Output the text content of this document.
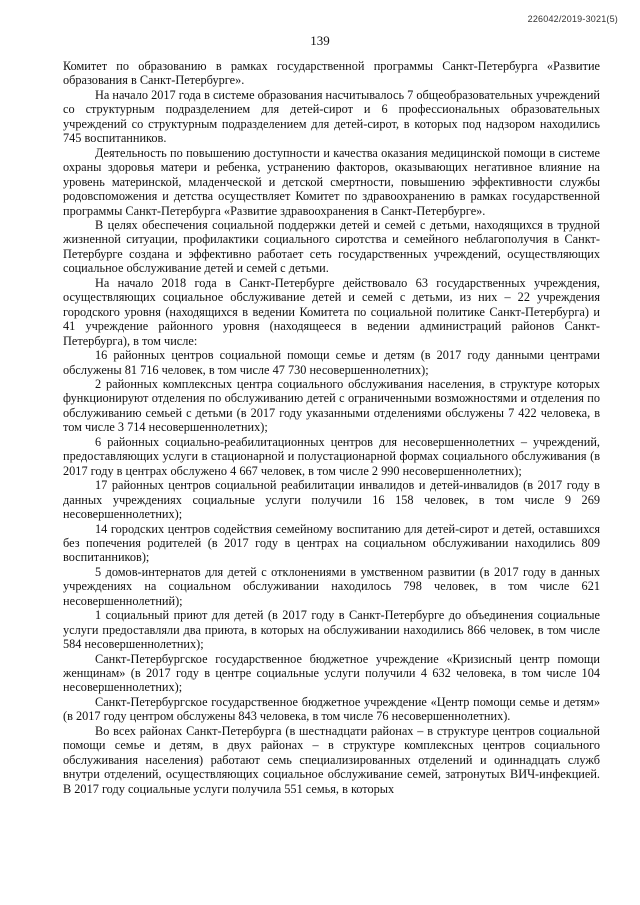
226042/2019-3021(5)
139

Комитет по образованию в рамках государственной программы Санкт-Петербурга «Развитие образования в Санкт-Петербурге».

На начало 2017 года в системе образования насчитывалось 7 общеобразовательных учреждений со структурным подразделением для детей-сирот и 6 профессиональных образовательных учреждений со структурным подразделением для детей-сирот, в которых под надзором находились 745 воспитанников.

Деятельность по повышению доступности и качества оказания медицинской помощи в системе охраны здоровья матери и ребенка, устранению факторов, оказывающих негативное влияние на уровень материнской, младенческой и детской смертности, повышению эффективности службы родовспоможения и детства осуществляет Комитет по здравоохранению в рамках государственной программы Санкт-Петербурга «Развитие здравоохранения в Санкт-Петербурге».

В целях обеспечения социальной поддержки детей и семей с детьми, находящихся в трудной жизненной ситуации, профилактики социального сиротства и семейного неблагополучия в Санкт-Петербурге создана и эффективно работает сеть государственных учреждений, осуществляющих социальное обслуживание детей и семей с детьми.

На начало 2018 года в Санкт-Петербурге действовало 63 государственных учреждения, осуществляющих социальное обслуживание детей и семей с детьми, из них – 22 учреждения городского уровня (находящихся в ведении Комитета по социальной политике Санкт-Петербурга) и 41 учреждение районного уровня (находящееся в ведении администраций районов Санкт-Петербурга), в том числе:

16 районных центров социальной помощи семье и детям (в 2017 году данными центрами обслужены 81 716 человек, в том числе 47 730 несовершеннолетних);

2 районных комплексных центра социального обслуживания населения, в структуре которых функционируют отделения по обслуживанию детей с ограниченными возможностями и отделения по обслуживанию семьей с детьми (в 2017 году указанными отделениями обслужены 7 422 человека, в том числе 3 714 несовершеннолетних);

6 районных социально-реабилитационных центров для несовершеннолетних – учреждений, предоставляющих услуги в стационарной и полустационарной формах социального обслуживания (в 2017 году в центрах обслужено 4 667 человек, в том числе 2 990 несовершеннолетних);

17 районных центров социальной реабилитации инвалидов и детей-инвалидов (в 2017 году в данных учреждениях социальные услуги получили 16 158 человек, в том числе 9 269 несовершеннолетних);

14 городских центров содействия семейному воспитанию для детей-сирот и детей, оставшихся без попечения родителей (в 2017 году в центрах на социальном обслуживании находились 809 воспитанников);

5 домов-интернатов для детей с отклонениями в умственном развитии (в 2017 году в данных учреждениях на социальном обслуживании находилось 798 человек, в том числе 621 несовершеннолетний);

1 социальный приют для детей (в 2017 году в Санкт-Петербурге до объединения социальные услуги предоставляли два приюта, в которых на обслуживании находились 866 человек, в том числе 584 несовершеннолетних);

Санкт-Петербургское государственное бюджетное учреждение «Кризисный центр помощи женщинам» (в 2017 году в центре социальные услуги получили 4 632 человека, в том числе 104 несовершеннолетних);

Санкт-Петербургское государственное бюджетное учреждение «Центр помощи семье и детям» (в 2017 году центром обслужены 843 человека, в том числе 76 несовершеннолетних).

Во всех районах Санкт-Петербурга (в шестнадцати районах – в структуре центров социальной помощи семье и детям, в двух районах – в структуре комплексных центров социального обслуживания населения) работают семь специализированных отделений и одиннадцать служб внутри отделений, осуществляющих социальное обслуживание семей, затронутых ВИЧ-инфекцией. В 2017 году социальные услуги получила 551 семья, в которых
